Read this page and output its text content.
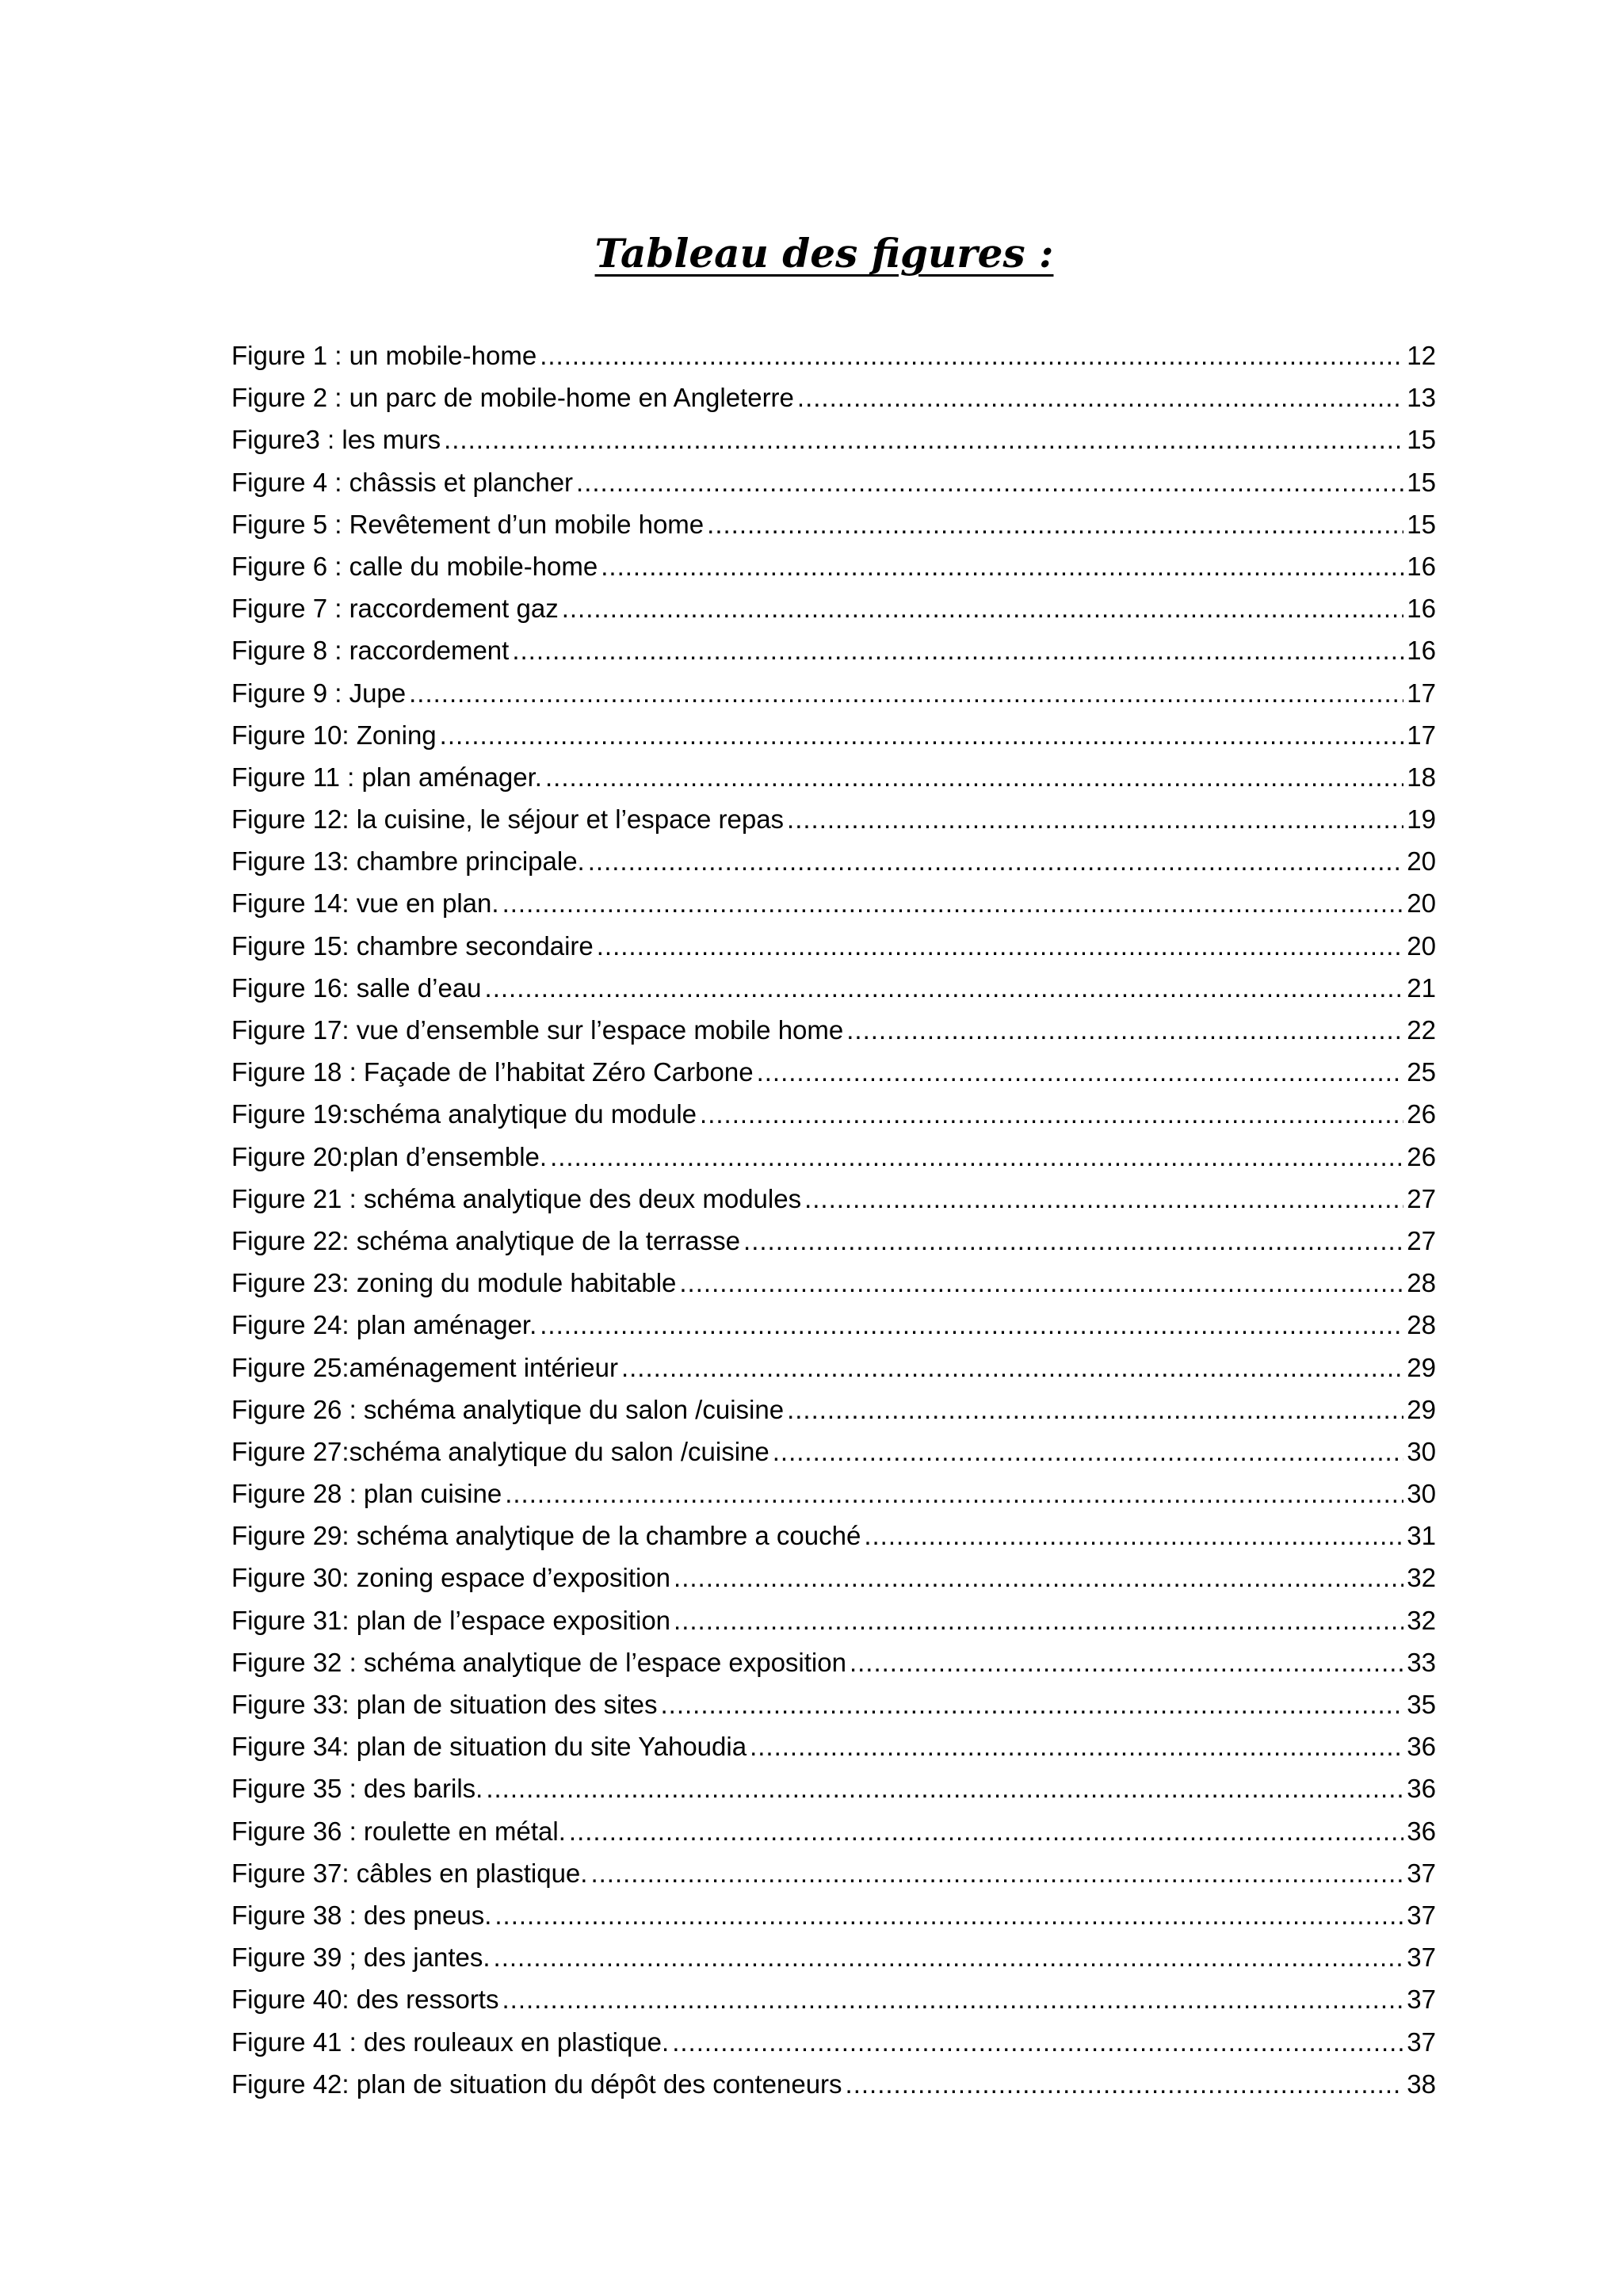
Tableau des figures :
Figure 1 : un mobile-home .....	12
Figure 2 : un parc de mobile-home en Angleterre .....	13
Figure3 : les murs .....	15
Figure 4 : châssis et plancher .....	15
Figure 5 : Revêtement d’un mobile home .....	15
Figure 6 : calle du mobile-home .....	16
Figure 7 : raccordement gaz .....	16
Figure 8 : raccordement .....	16
Figure 9 : Jupe .....	17
Figure 10: Zoning .....	17
Figure 11 : plan aménager. .....	18
Figure 12: la cuisine, le séjour et l’espace repas .....	19
Figure 13: chambre principale. .....	20
Figure 14: vue en plan. .....	20
Figure 15: chambre secondaire .....	20
Figure 16: salle d’eau .....	21
Figure 17: vue d’ensemble sur l’espace mobile home .....	22
Figure 18 : Façade de l’habitat Zéro Carbone .....	25
Figure 19:schéma analytique du module .....	26
Figure 20:plan d’ensemble. .....	26
Figure 21 : schéma analytique des deux modules .....	27
Figure 22: schéma analytique de la terrasse .....	27
Figure 23: zoning du module habitable .....	28
Figure 24: plan aménager. .....	28
Figure 25:aménagement intérieur .....	29
Figure 26 : schéma analytique du salon /cuisine .....	29
Figure 27:schéma analytique du salon /cuisine .....	30
Figure 28 : plan cuisine .....	30
Figure 29: schéma analytique de la chambre a couché .....	31
Figure 30: zoning espace d’exposition .....	32
Figure 31: plan de l’espace exposition .....	32
Figure 32 : schéma analytique de l’espace exposition .....	33
Figure 33: plan de situation des sites .....	35
Figure 34: plan de situation du site Yahoudia .....	36
Figure 35 : des barils. .....	36
Figure 36 : roulette en métal. .....	36
Figure 37: câbles en plastique. .....	37
Figure 38 : des pneus. .....	37
Figure 39 ; des jantes. .....	37
Figure 40: des ressorts .....	37
Figure 41 : des rouleaux en plastique. .....	37
Figure 42: plan de situation du dépôt des conteneurs .....	38
